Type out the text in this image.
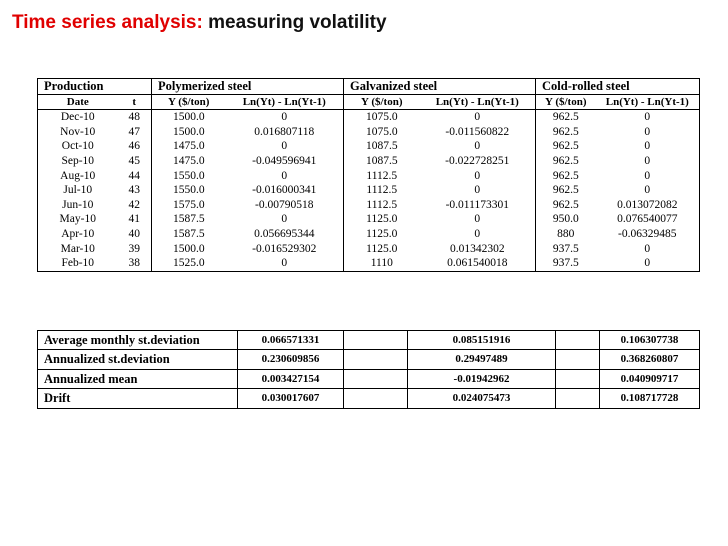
Time series analysis: measuring volatility
Production		Polymerized steel		Galvanized steel		Cold-rolled steel	
Date	t	Y ($/ton)	Ln(Yt) - Ln(Yt-1)	Y ($/ton)	Ln(Yt) - Ln(Yt-1)	Y ($/ton)	Ln(Yt) - Ln(Yt-1)
Dec-10	48	1500.0	0	1075.0	0	962.5	0
Nov-10	47	1500.0	0.016807118	1075.0	-0.011560822	962.5	0
Oct-10	46	1475.0	0	1087.5	0	962.5	0
Sep-10	45	1475.0	-0.049596941	1087.5	-0.022728251	962.5	0
Aug-10	44	1550.0	0	1112.5	0	962.5	0
Jul-10	43	1550.0	-0.016000341	1112.5	0	962.5	0
Jun-10	42	1575.0	-0.00790518	1112.5	-0.011173301	962.5	0.013072082
May-10	41	1587.5	0	1125.0	0	950.0	0.076540077
Apr-10	40	1587.5	0.056695344	1125.0	0	880	-0.06329485
Mar-10	39	1500.0	-0.016529302	1125.0	0.01342302	937.5	0
Feb-10	38	1525.0	0	1110	0.061540018	937.5	0
Average monthly st.deviation	0.066571331		0.085151916		0.106307738
Annualized st.deviation	0.230609856		0.29497489		0.368260807
Annualized mean	0.003427154		-0.01942962		0.040909717
Drift	0.030017607		0.024075473		0.108717728
